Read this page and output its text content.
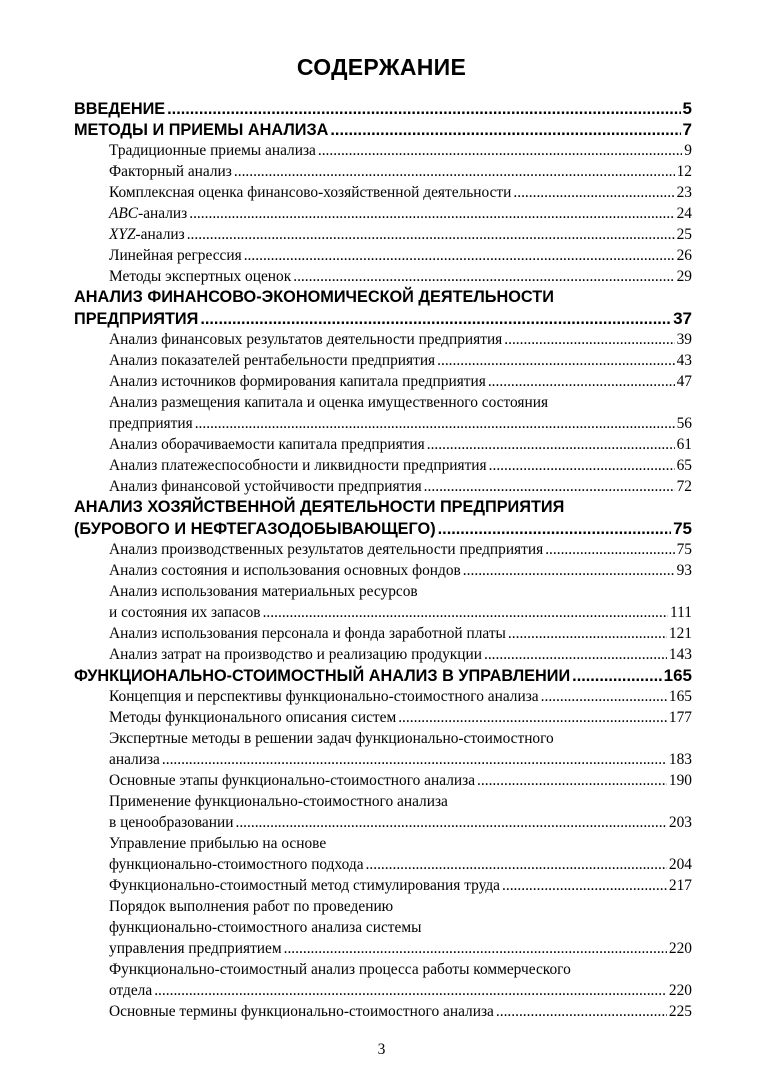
СОДЕРЖАНИЕ
ВВЕДЕНИЕ .....	5
МЕТОДЫ И ПРИЕМЫ АНАЛИЗА .....	7
Традиционные приемы анализа .....	9
Факторный анализ .....	12
Комплексная оценка финансово-хозяйственной деятельности .....	23
ABC-анализ .....	24
XYZ-анализ .....	25
Линейная регрессия .....	26
Методы экспертных оценок .....	29
АНАЛИЗ ФИНАНСОВО-ЭКОНОМИЧЕСКОЙ ДЕЯТЕЛЬНОСТИ
ПРЕДПРИЯТИЯ .....	37
Анализ финансовых результатов деятельности предприятия .....	39
Анализ показателей рентабельности предприятия .....	43
Анализ источников формирования капитала предприятия .....	47
Анализ размещения капитала и оценка имущественного состояния
предприятия .....	56
Анализ оборачиваемости капитала предприятия .....	61
Анализ платежеспособности и ликвидности предприятия .....	65
Анализ финансовой устойчивости предприятия .....	72
АНАЛИЗ ХОЗЯЙСТВЕННОЙ ДЕЯТЕЛЬНОСТИ ПРЕДПРИЯТИЯ
(БУРОВОГО И НЕФТЕГАЗОДОБЫВАЮЩЕГО) .....	75
Анализ производственных результатов деятельности предприятия .....	75
Анализ состояния и использования основных фондов .....	93
Анализ использования материальных ресурсов
и состояния их запасов .....	111
Анализ использования персонала и фонда заработной платы .....	121
Анализ затрат на производство и реализацию продукции .....	143
ФУНКЦИОНАЛЬНО-СТОИМОСТНЫЙ АНАЛИЗ В УПРАВЛЕНИИ .....	165
Концепция и перспективы функционально-стоимостного анализа .....	165
Методы функционального описания систем .....	177
Экспертные методы в решении задач функционально-стоимостного
анализа .....	183
Основные этапы функционально-стоимостного анализа .....	190
Применение функционально-стоимостного анализа
в ценообразовании .....	203
Управление прибылью на основе
функционально-стоимостного подхода .....	204
Функционально-стоимостный метод стимулирования труда .....	217
Порядок выполнения работ по проведению
функционально-стоимостного анализа системы
управления предприятием .....	220
Функционально-стоимостный анализ процесса работы коммерческого
отдела .....	220
Основные термины функционально-стоимостного анализа .....	225
3
